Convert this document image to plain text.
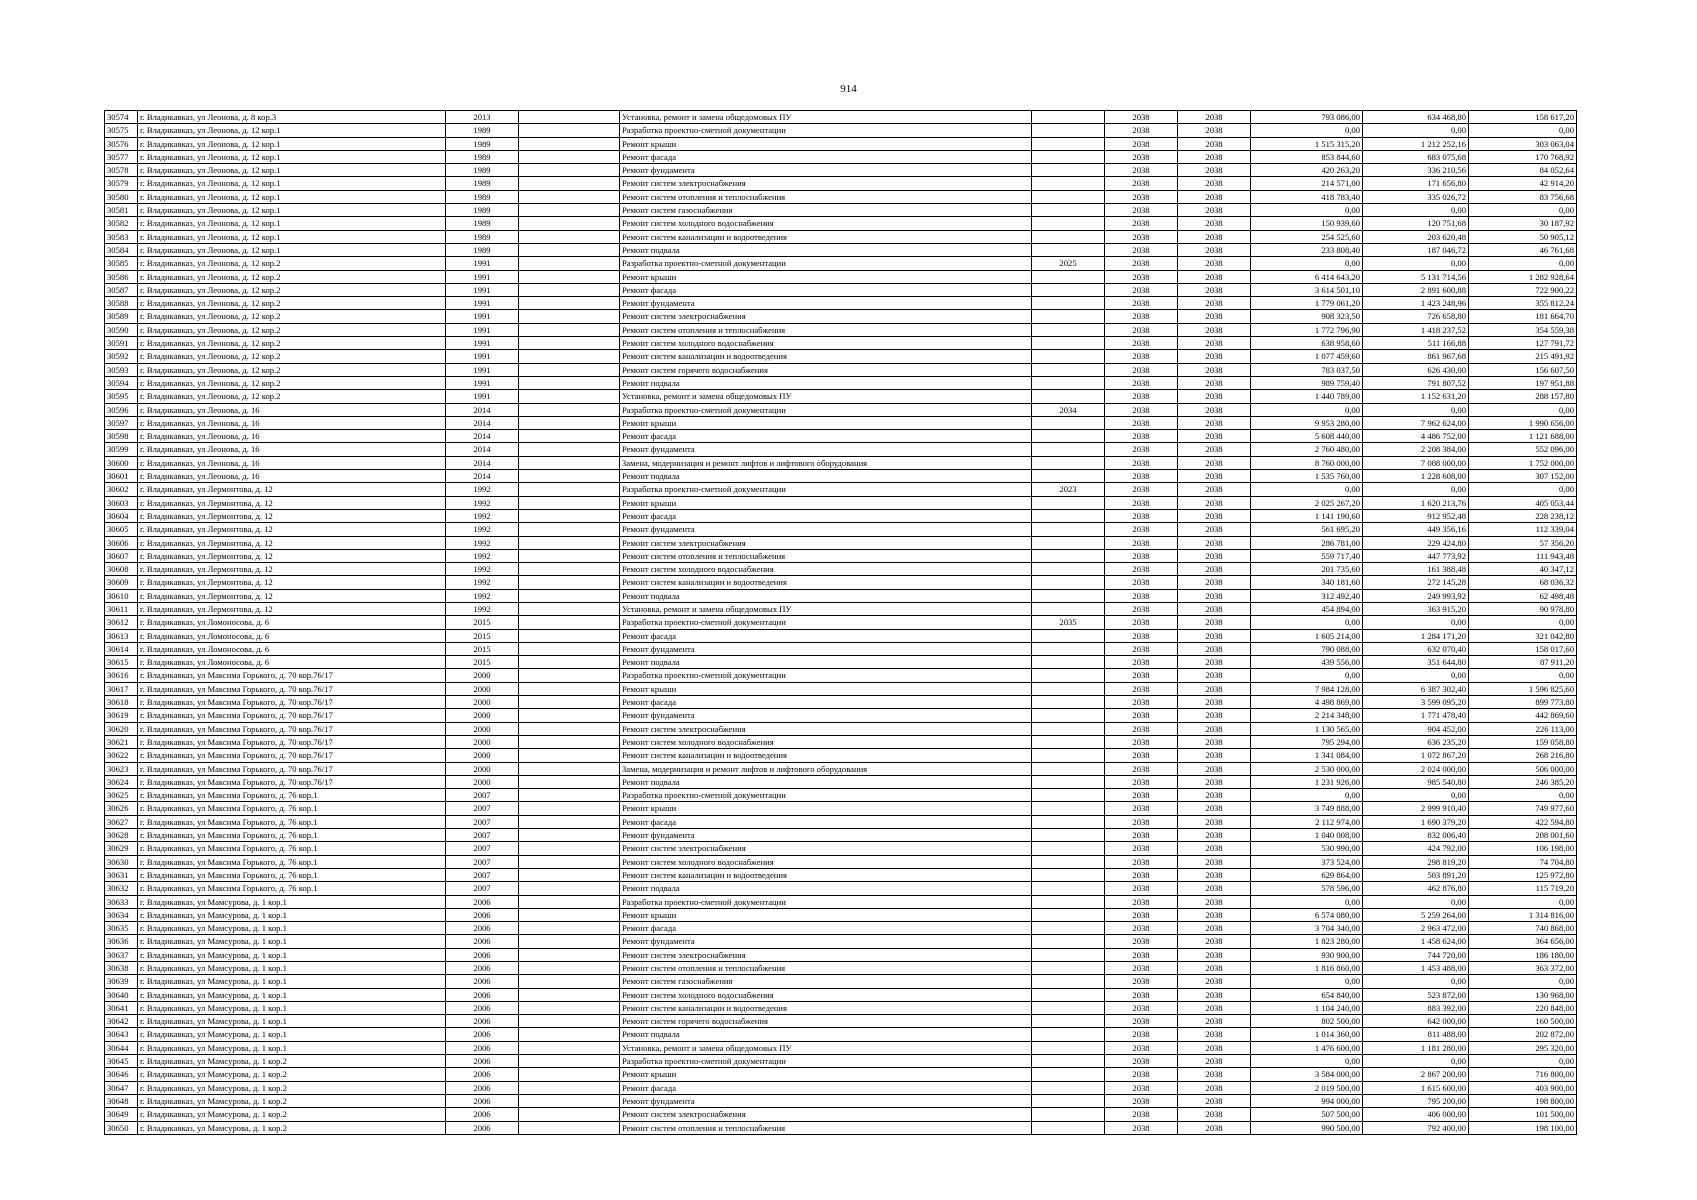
914
30574	г. Владикавказ, ул Леонова, д. 8 кор.3	2013		Установка, ремонт и замена общедомовых ПУ		2038	2038	793 086,00	634 468,80	158 617,20
30575	г. Владикавказ, ул Леонова, д. 12 кор.1	1989		Разработка проектно-сметной документации		2038	2038	0,00	0,00	0,00
30576	г. Владикавказ, ул Леонова, д. 12 кор.1	1989		Ремонт крыши		2038	2038	1 515 315,20	1 212 252,16	303 063,04
30577	г. Владикавказ, ул Леонова, д. 12 кор.1	1989		Ремонт фасада		2038	2038	853 844,60	683 075,68	170 768,92
30578	г. Владикавказ, ул Леонова, д. 12 кор.1	1989		Ремонт фундамента		2038	2038	420 263,20	336 210,56	84 052,64
30579	г. Владикавказ, ул Леонова, д. 12 кор.1	1989		Ремонт систем электроснабжения		2038	2038	214 571,00	171 656,80	42 914,20
30580	г. Владикавказ, ул Леонова, д. 12 кор.1	1989		Ремонт систем отопления и теплоснабжения		2038	2038	418 783,40	335 026,72	83 756,68
30581	г. Владикавказ, ул Леонова, д. 12 кор.1	1989		Ремонт систем газоснабжения		2038	2038	0,00	0,00	0,00
30582	г. Владикавказ, ул Леонова, д. 12 кор.1	1989		Ремонт систем холодного водоснабжения		2038	2038	150 939,60	120 751,68	30 187,92
30583	г. Владикавказ, ул Леонова, д. 12 кор.1	1989		Ремонт систем канализации и водоотведения		2038	2038	254 525,60	203 620,48	50 905,12
30584	г. Владикавказ, ул Леонова, д. 12 кор.1	1989		Ремонт подвала		2038	2038	233 808,40	187 046,72	46 761,68
30585	г. Владикавказ, ул Леонова, д. 12 кор.2	1991		Разработка проектно-сметной документации	2025	2038	2038	0,00	0,00	0,00
30586	г. Владикавказ, ул Леонова, д. 12 кор.2	1991		Ремонт крыши		2038	2038	6 414 643,20	5 131 714,56	1 282 928,64
30587	г. Владикавказ, ул Леонова, д. 12 кор.2	1991		Ремонт фасада		2038	2038	3 614 501,10	2 891 600,88	722 900,22
30588	г. Владикавказ, ул Леонова, д. 12 кор.2	1991		Ремонт фундамента		2038	2038	1 779 061,20	1 423 248,96	355 812,24
30589	г. Владикавказ, ул Леонова, д. 12 кор.2	1991		Ремонт систем электроснабжения		2038	2038	908 323,50	726 658,80	181 664,70
30590	г. Владикавказ, ул Леонова, д. 12 кор.2	1991		Ремонт систем отопления и теплоснабжения		2038	2038	1 772 796,90	1 418 237,52	354 559,38
30591	г. Владикавказ, ул Леонова, д. 12 кор.2	1991		Ремонт систем холодного водоснабжения		2038	2038	638 958,60	511 166,88	127 791,72
30592	г. Владикавказ, ул Леонова, д. 12 кор.2	1991		Ремонт систем канализации и водоотведения		2038	2038	1 077 459,60	861 967,68	215 491,92
30593	г. Владикавказ, ул Леонова, д. 12 кор.2	1991		Ремонт систем горячего водоснабжения		2038	2038	783 037,50	626 430,00	156 607,50
30594	г. Владикавказ, ул Леонова, д. 12 кор.2	1991		Ремонт подвала		2038	2038	989 759,40	791 807,52	197 951,88
30595	г. Владикавказ, ул Леонова, д. 12 кор.2	1991		Установка, ремонт и замена общедомовых ПУ		2038	2038	1 440 789,00	1 152 631,20	288 157,80
30596	г. Владикавказ, ул Леонова, д. 16	2014		Разработка проектно-сметной документации	2034	2038	2038	0,00	0,00	0,00
30597	г. Владикавказ, ул Леонова, д. 16	2014		Ремонт крыши		2038	2038	9 953 280,00	7 962 624,00	1 990 656,00
30598	г. Владикавказ, ул Леонова, д. 16	2014		Ремонт фасада		2038	2038	5 608 440,00	4 486 752,00	1 121 688,00
30599	г. Владикавказ, ул Леонова, д. 16	2014		Ремонт фундамента		2038	2038	2 760 480,00	2 208 384,00	552 096,00
30600	г. Владикавказ, ул Леонова, д. 16	2014		Замена, модернизация и ремонт лифтов и лифтового оборудования		2038	2038	8 760 000,00	7 008 000,00	1 752 000,00
30601	г. Владикавказ, ул Леонова, д. 16	2014		Ремонт подвала		2038	2038	1 535 760,00	1 228 608,00	307 152,00
30602	г. Владикавказ, ул Лермонтова, д. 12	1992		Разработка проектно-сметной документации	2023	2038	2038	0,00	0,00	0,00
30603	г. Владикавказ, ул Лермонтова, д. 12	1992		Ремонт крыши		2038	2038	2 025 267,20	1 620 213,76	405 053,44
30604	г. Владикавказ, ул Лермонтова, д. 12	1992		Ремонт фасада		2038	2038	1 141 190,60	912 952,48	228 238,12
30605	г. Владикавказ, ул Лермонтова, д. 12	1992		Ремонт фундамента		2038	2038	561 695,20	449 356,16	112 339,04
30606	г. Владикавказ, ул Лермонтова, д. 12	1992		Ремонт систем электроснабжения		2038	2038	286 781,00	229 424,80	57 356,20
30607	г. Владикавказ, ул Лермонтова, д. 12	1992		Ремонт систем отопления и теплоснабжения		2038	2038	559 717,40	447 773,92	111 943,48
30608	г. Владикавказ, ул Лермонтова, д. 12	1992		Ремонт систем холодного водоснабжения		2038	2038	201 735,60	161 388,48	40 347,12
30609	г. Владикавказ, ул Лермонтова, д. 12	1992		Ремонт систем канализации и водоотведения		2038	2038	340 181,60	272 145,28	68 036,32
30610	г. Владикавказ, ул Лермонтова, д. 12	1992		Ремонт подвала		2038	2038	312 492,40	249 993,92	62 498,48
30611	г. Владикавказ, ул Лермонтова, д. 12	1992		Установка, ремонт и замена общедомовых ПУ		2038	2038	454 894,00	363 915,20	90 978,80
30612	г. Владикавказ, ул Ломоносова, д. 6	2015		Разработка проектно-сметной документации	2035	2038	2038	0,00	0,00	0,00
30613	г. Владикавказ, ул Ломоносова, д. 6	2015		Ремонт фасада		2038	2038	1 605 214,00	1 284 171,20	321 042,80
30614	г. Владикавказ, ул Ломоносова, д. 6	2015		Ремонт фундамента		2038	2038	790 088,00	632 070,40	158 017,60
30615	г. Владикавказ, ул Ломоносова, д. 6	2015		Ремонт подвала		2038	2038	439 556,00	351 644,80	87 911,20
30616	г. Владикавказ, ул Максима Горького, д. 70 кор.76/17	2000		Разработка проектно-сметной документации		2038	2038	0,00	0,00	0,00
30617	г. Владикавказ, ул Максима Горького, д. 70 кор.76/17	2000		Ремонт крыши		2038	2038	7 984 128,00	6 387 302,40	1 596 825,60
30618	г. Владикавказ, ул Максима Горького, д. 70 кор.76/17	2000		Ремонт фасада		2038	2038	4 498 869,00	3 599 095,20	899 773,80
30619	г. Владикавказ, ул Максима Горького, д. 70 кор.76/17	2000		Ремонт фундамента		2038	2038	2 214 348,00	1 771 478,40	442 869,60
30620	г. Владикавказ, ул Максима Горького, д. 70 кор.76/17	2000		Ремонт систем электроснабжения		2038	2038	1 130 565,00	904 452,00	226 113,00
30621	г. Владикавказ, ул Максима Горького, д. 70 кор.76/17	2000		Ремонт систем холодного водоснабжения		2038	2038	795 294,00	636 235,20	159 058,80
30622	г. Владикавказ, ул Максима Горького, д. 70 кор.76/17	2000		Ремонт систем канализации и водоотведения		2038	2038	1 341 084,00	1 072 867,20	268 216,80
30623	г. Владикавказ, ул Максима Горького, д. 70 кор.76/17	2000		Замена, модернизация и ремонт лифтов и лифтового оборудования		2038	2038	2 530 000,00	2 024 000,00	506 000,00
30624	г. Владикавказ, ул Максима Горького, д. 70 кор.76/17	2000		Ремонт подвала		2038	2038	1 231 926,00	985 540,80	246 385,20
30625	г. Владикавказ, ул Максима Горького, д. 76 кор.1	2007		Разработка проектно-сметной документации		2038	2038	0,00	0,00	0,00
30626	г. Владикавказ, ул Максима Горького, д. 76 кор.1	2007		Ремонт крыши		2038	2038	3 749 888,00	2 999 910,40	749 977,60
30627	г. Владикавказ, ул Максима Горького, д. 76 кор.1	2007		Ремонт фасада		2038	2038	2 112 974,00	1 690 379,20	422 594,80
30628	г. Владикавказ, ул Максима Горького, д. 76 кор.1	2007		Ремонт фундамента		2038	2038	1 040 008,00	832 006,40	208 001,60
30629	г. Владикавказ, ул Максима Горького, д. 76 кор.1	2007		Ремонт систем электроснабжения		2038	2038	530 990,00	424 792,00	106 198,00
30630	г. Владикавказ, ул Максима Горького, д. 76 кор.1	2007		Ремонт систем холодного водоснабжения		2038	2038	373 524,00	298 819,20	74 704,80
30631	г. Владикавказ, ул Максима Горького, д. 76 кор.1	2007		Ремонт систем канализации и водоотведения		2038	2038	629 864,00	503 891,20	125 972,80
30632	г. Владикавказ, ул Максима Горького, д. 76 кор.1	2007		Ремонт подвала		2038	2038	578 596,00	462 876,80	115 719,20
30633	г. Владикавказ, ул Мамсурова, д. 1 кор.1	2006		Разработка проектно-сметной документации		2038	2038	0,00	0,00	0,00
30634	г. Владикавказ, ул Мамсурова, д. 1 кор.1	2006		Ремонт крыши		2038	2038	6 574 080,00	5 259 264,00	1 314 816,00
30635	г. Владикавказ, ул Мамсурова, д. 1 кор.1	2006		Ремонт фасада		2038	2038	3 704 340,00	2 963 472,00	740 868,00
30636	г. Владикавказ, ул Мамсурова, д. 1 кор.1	2006		Ремонт фундамента		2038	2038	1 823 280,00	1 458 624,00	364 656,00
30637	г. Владикавказ, ул Мамсурова, д. 1 кор.1	2006		Ремонт систем электроснабжения		2038	2038	930 900,00	744 720,00	186 180,00
30638	г. Владикавказ, ул Мамсурова, д. 1 кор.1	2006		Ремонт систем отопления и теплоснабжения		2038	2038	1 816 860,00	1 453 488,00	363 372,00
30639	г. Владикавказ, ул Мамсурова, д. 1 кор.1	2006		Ремонт систем газоснабжения		2038	2038	0,00	0,00	0,00
30640	г. Владикавказ, ул Мамсурова, д. 1 кор.1	2006		Ремонт систем холодного водоснабжения		2038	2038	654 840,00	523 872,00	130 968,00
30641	г. Владикавказ, ул Мамсурова, д. 1 кор.1	2006		Ремонт систем канализации и водоотведения		2038	2038	1 104 240,00	883 392,00	220 848,00
30642	г. Владикавказ, ул Мамсурова, д. 1 кор.1	2006		Ремонт систем горячего водоснабжения		2038	2038	802 500,00	642 000,00	160 500,00
30643	г. Владикавказ, ул Мамсурова, д. 1 кор.1	2006		Ремонт подвала		2038	2038	1 014 360,00	811 488,00	202 872,00
30644	г. Владикавказ, ул Мамсурова, д. 1 кор.1	2006		Установка, ремонт и замена общедомовых ПУ		2038	2038	1 476 600,00	1 181 280,00	295 320,00
30645	г. Владикавказ, ул Мамсурова, д. 1 кор.2	2006		Разработка проектно-сметной документации		2038	2038	0,00	0,00	0,00
30646	г. Владикавказ, ул Мамсурова, д. 1 кор.2	2006		Ремонт крыши		2038	2038	3 584 000,00	2 867 200,00	716 800,00
30647	г. Владикавказ, ул Мамсурова, д. 1 кор.2	2006		Ремонт фасада		2038	2038	2 019 500,00	1 615 600,00	403 900,00
30648	г. Владикавказ, ул Мамсурова, д. 1 кор.2	2006		Ремонт фундамента		2038	2038	994 000,00	795 200,00	198 800,00
30649	г. Владикавказ, ул Мамсурова, д. 1 кор.2	2006		Ремонт систем электроснабжения		2038	2038	507 500,00	406 000,00	101 500,00
30650	г. Владикавказ, ул Мамсурова, д. 1 кор.2	2006		Ремонт систем отопления и теплоснабжения		2038	2038	990 500,00	792 400,00	198 100,00
